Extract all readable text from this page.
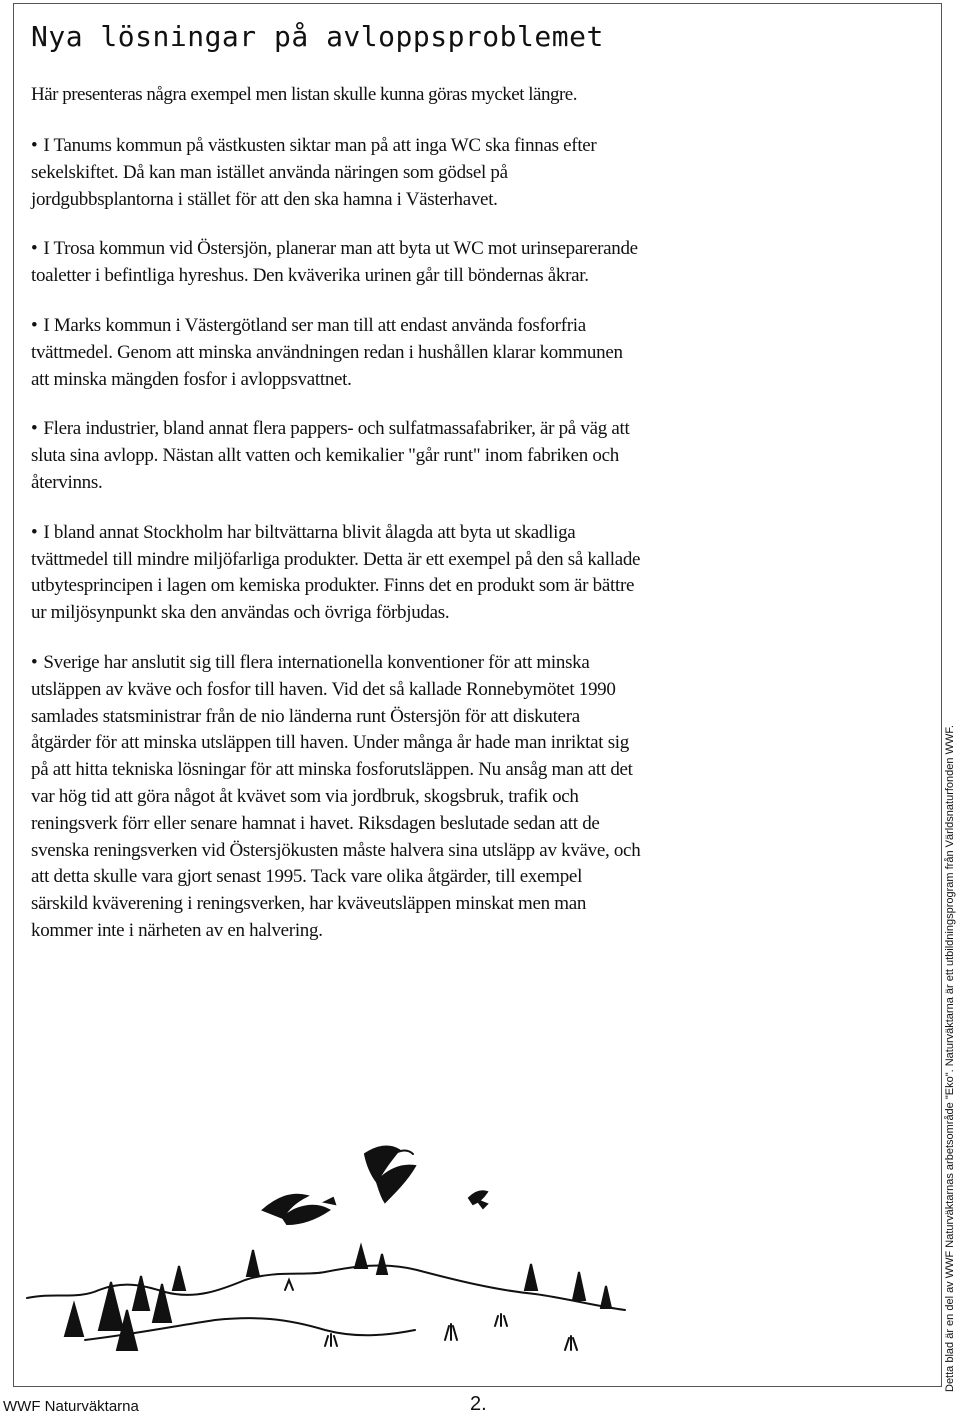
Nya lösningar på avloppsproblemet
Här presenteras några exempel men listan skulle kunna göras mycket längre.

• I Tanums kommun på västkusten siktar man på att inga WC ska finnas efter sekelskiftet. Då kan man istället använda näringen som gödsel på jordgubbsplantorna i stället för att den ska hamna i Västerhavet.

• I Trosa kommun vid Östersjön, planerar man att byta ut WC mot urinseparerande toaletter i befintliga hyreshus. Den kväverika urinen går till böndernas åkrar.

• I Marks kommun i Västergötland ser man till att endast använda fosforfria tvättmedel. Genom att minska användningen redan i hushållen klarar kommunen att minska mängden fosfor i avloppsvattnet.

• Flera industrier, bland annat flera pappers- och sulfatmassafabriker, är på väg att sluta sina avlopp. Nästan allt vatten och kemikalier "går runt" inom fabriken och återvinns.

• I bland annat Stockholm har biltvättarna blivit ålagda att byta ut skadliga tvättmedel till mindre miljöfarliga produkter. Detta är ett exempel på den så kallade utbytesprincipen i lagen om kemiska produkter. Finns det en produkt som är bättre ur miljösynpunkt ska den användas och övriga förbjudas.

• Sverige har anslutit sig till flera internationella konventioner för att minska utsläppen av kväve och fosfor till haven. Vid det så kallade Ronnebymötet 1990 samlades statsministrar från de nio länderna runt Östersjön för att diskutera åtgärder för att minska utsläppen till haven. Under många år hade man inriktat sig på att hitta tekniska lösningar för att minska fosforutsläppen. Nu ansåg man att det var hög tid att göra något åt kvävet som via jordbruk, skogsbruk, trafik och reningsverk förr eller senare hamnat i havet. Riksdagen beslutade sedan att de svenska reningsverken vid Östersjökusten måste halvera sina utsläpp av kväve, och att detta skulle vara gjort senast 1995. Tack vare olika åtgärder, till exempel särskild kväverening i reningsverken, har kväveutsläppen minskat men man kommer inte i närheten av en halvering.	Detta blad är en del av WWF Naturväktarnas arbetsområde "Eko". Naturväktarna är ett utbildningsprogram från Världsnaturfonden WWF.
WWF Naturväktarna	2.
